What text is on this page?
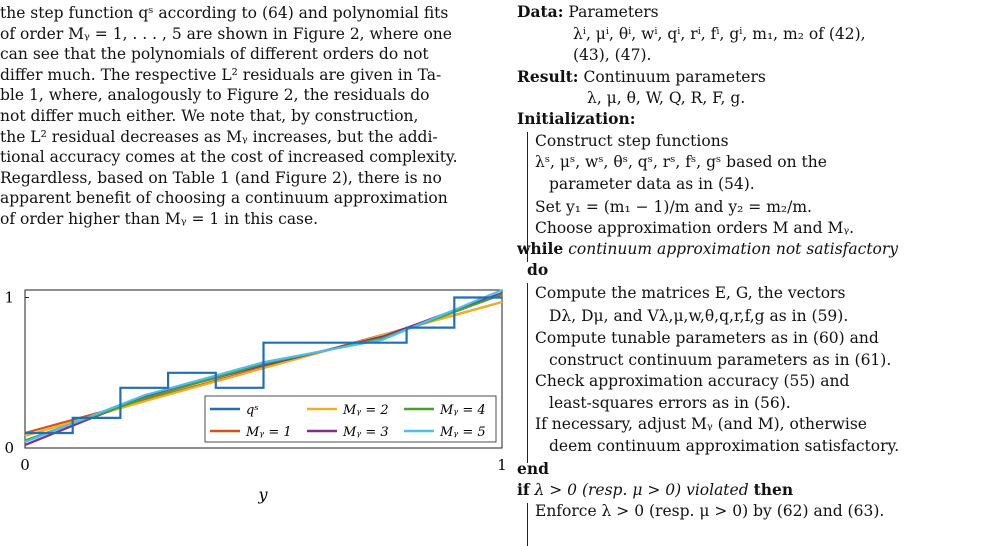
the step function qˢ according to (64) and polynomial fits
of order Mᵧ = 1, . . . , 5 are shown in Figure 2, where one
can see that the polynomials of different orders do not
differ much. The respective L² residuals are given in Ta-
ble 1, where, analogously to Figure 2, the residuals do
not differ much either. We note that, by construction,
the L² residual decreases as Mᵧ increases, but the addi-
tional accuracy comes at the cost of increased complexity.
Regardless, based on Table 1 (and Figure 2), there is no
apparent benefit of choosing a continuum approximation
of order higher than Mᵧ = 1 in this case.

0	1
0
1
y
qˢ	Mᵧ = 2	Mᵧ = 4
Mᵧ = 1	Mᵧ = 3	Mᵧ = 5
Data: Parameters
λⁱ, μⁱ, θⁱ, wⁱ, qⁱ, rⁱ, fⁱ, gⁱ, m₁, m₂ of (42),
(43), (47).
Result: Continuum parameters
λ, μ, θ, W, Q, R, F, g.
Initialization:
Construct step functions
λˢ, μˢ, wˢ, θˢ, qˢ, rˢ, fˢ, gˢ based on the
parameter data as in (54).
Set y₁ = (m₁ − 1)/m and y₂ = m₂/m.
Choose approximation orders M and Mᵧ.
while continuum approximation not satisfactory
do
Compute the matrices E, G, the vectors
Dλ, Dμ, and Vλ,μ,w,θ,q,r,f,g as in (59).
Compute tunable parameters as in (60) and
construct continuum parameters as in (61).
Check approximation accuracy (55) and
least-squares errors as in (56).
If necessary, adjust Mᵧ (and M), otherwise
deem continuum approximation satisfactory.
end
if λ > 0 (resp. μ > 0) violated then
Enforce λ > 0 (resp. μ > 0) by (62) and (63).
